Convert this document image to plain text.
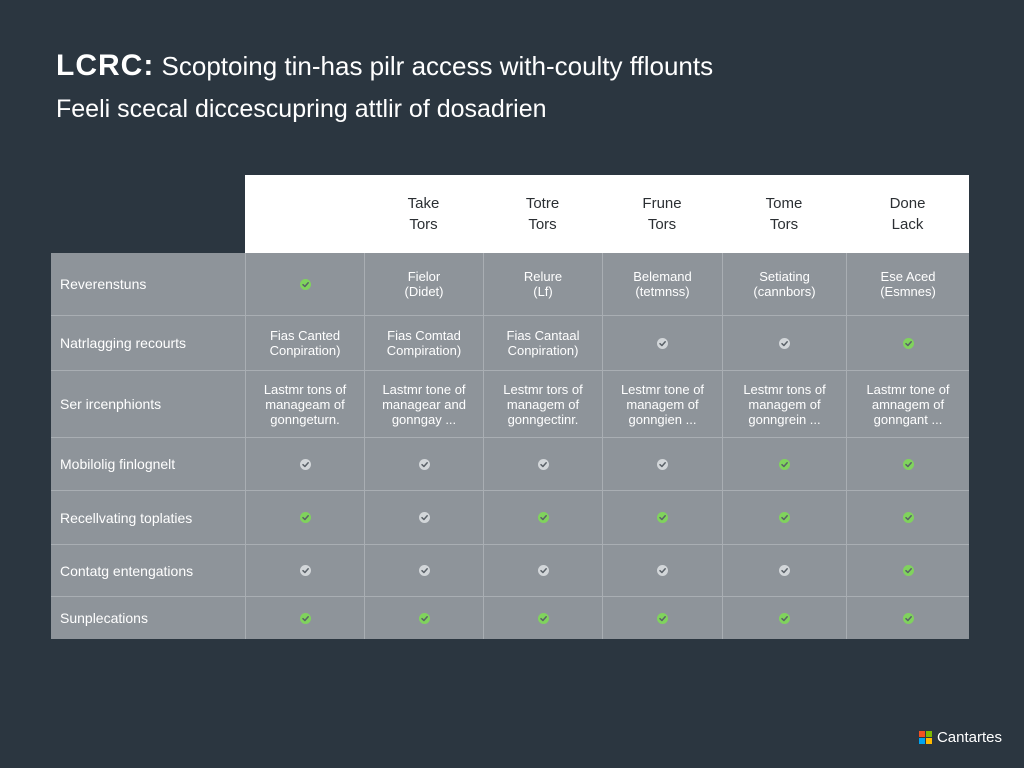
LCRC: Scoptoing tin-has pilr access with-coulty fflounts
Feeli scecal diccescupring attlir of dosadrien
Take
Tors
Totre
Tors
Frune
Tors
Tome
Tors
Done
Lack
Reverenstuns	Fielor
(Didet)
Relure
(Lf)
Belemand
(tetmnss)
Setiating
(cannbors)
Ese Aced
(Esmnes)
Natrlagging recourts	Fias Canted
Conpiration)
Fias Comtad
Compiration)
Fias Cantaal
Conpiration)
Ser ircenphionts
Lastmr tons of
manageam of
gonngeturn.
Lastmr tone of
managear and
gonngay ...
Lestmr tors of
managem of
gonngectinr.
Lestmr tone of
managem of
gonngien ...
Lestmr tons of
managem of
gonngrein ...
Lastmr tone of
amnagem of
gonngant ...
Mobilolig finlognelt
Recellvating toplaties
Contatg entengations
Sunplecations
Cantartes
